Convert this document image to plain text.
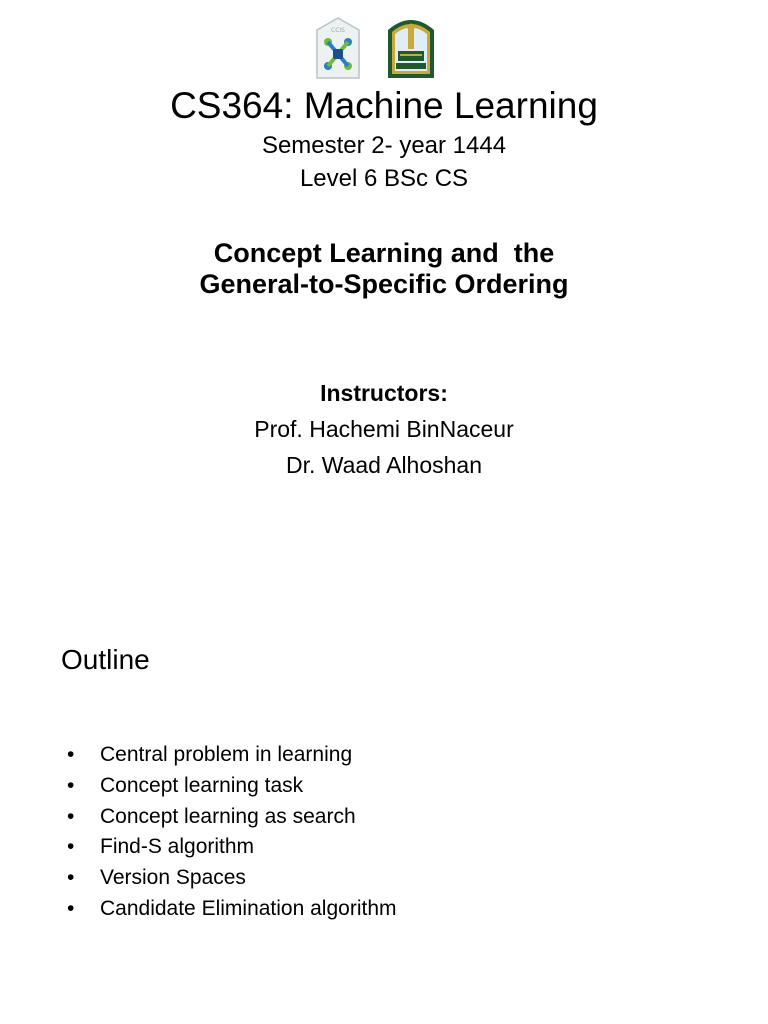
CCIS
CS364: Machine Learning
Semester 2- year 1444
Level 6 BSc CS
Concept Learning and  the
General-to-Specific Ordering
Instructors:
Prof. Hachemi BinNaceur
Dr. Waad Alhoshan
Outline
•	Central problem in learning
•	Concept learning task
•	Concept learning as search
•	Find-S algorithm
•	Version Spaces
•	Candidate Elimination algorithm
